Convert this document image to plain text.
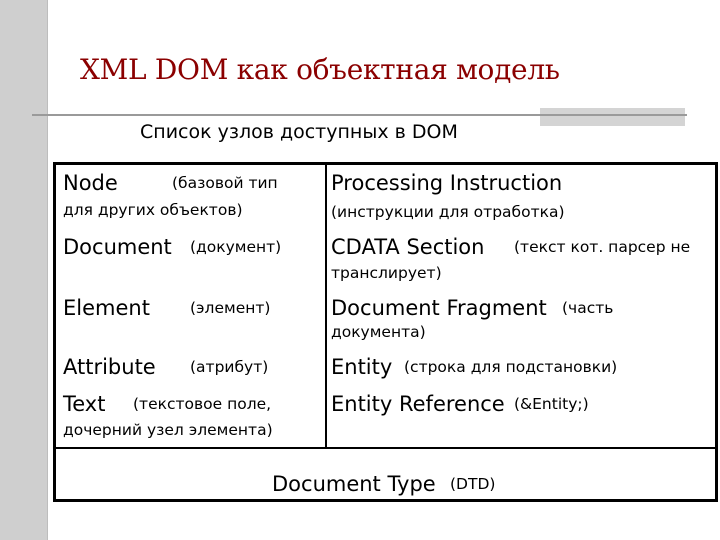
XML DOM как объектная модель
Список узлов доступных в DOM
Node	(базовой тип
для других объектов)
Document (документ)
Element	(элемент)
Attribute (атрибут)
Text (текстовое поле,
дочерний узел элемента)
Processing Instruction
(инструкции для отработка)
CDATA Section (текст кот. парсер не
транслирует)
Document Fragment (часть
документа)
Entity (строка для подстановки)
Entity Reference (&Entity;)
Document Type (DTD)
